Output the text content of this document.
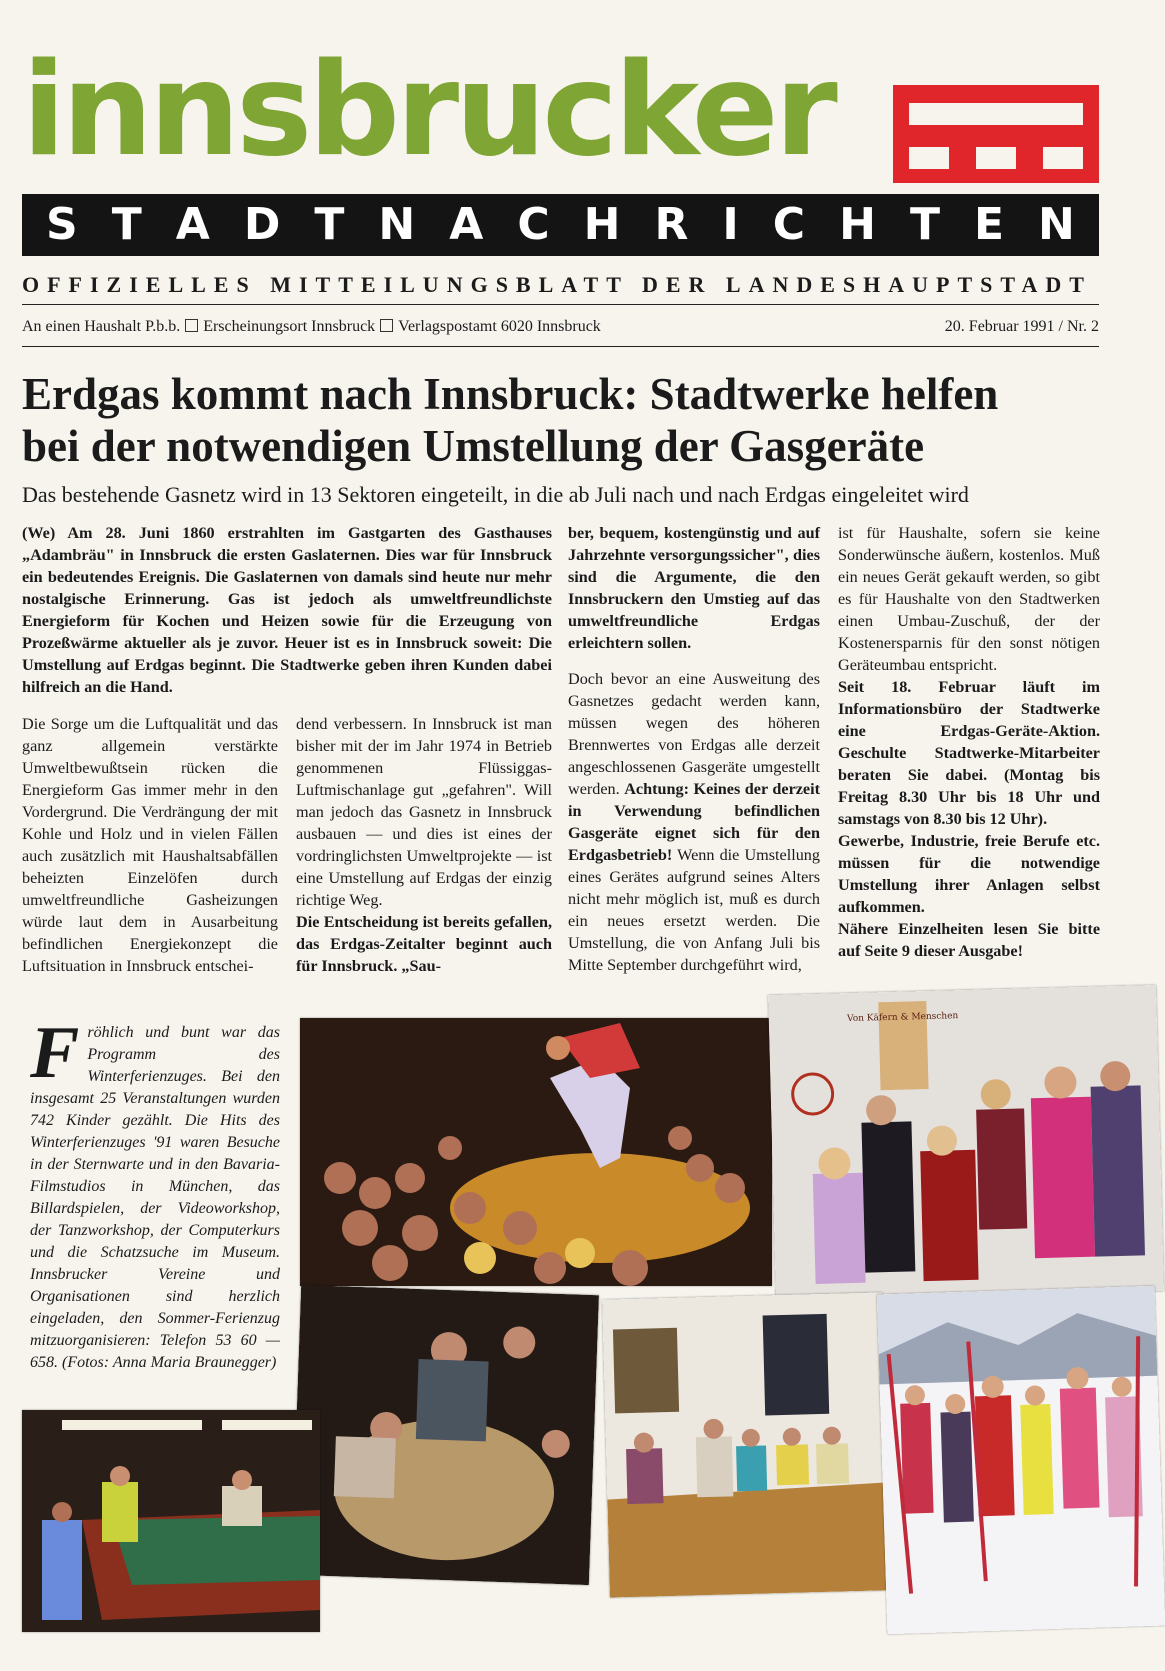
innsbrucker
S T A D T N A C H R I C H T E N
OFFIZIELLES MITTEILUNGSBLATT DER LANDESHAUPTSTADT
An einen Haushalt P.b.b. Erscheinungsort Innsbruck Verlagspostamt 6020 Innsbruck	20. Februar 1991 / Nr. 2
Erdgas kommt nach Innsbruck: Stadtwerke helfen
bei der notwendigen Umstellung der Gasgeräte
Das bestehende Gasnetz wird in 13 Sektoren eingeteilt, in die ab Juli nach und nach Erdgas eingeleitet wird
(We) Am 28. Juni 1860 erstrahlten im Gastgarten des Gasthauses „Adambräu" in Innsbruck die ersten Gaslaternen. Dies war für Innsbruck ein bedeutendes Ereignis. Die Gaslaternen von damals sind heute nur mehr nostalgische Erinnerung. Gas ist jedoch als umweltfreundlichste Energieform für Kochen und Heizen sowie für die Erzeugung von Prozeßwärme aktueller als je zuvor. Heuer ist es in Innsbruck soweit: Die Umstellung auf Erdgas beginnt. Die Stadtwerke geben ihren Kunden dabei hilfreich an die Hand.
Die Sorge um die Luftqualität und das ganz allgemein verstärkte Umweltbewußtsein rücken die Energieform Gas immer mehr in den Vordergrund. Die Verdrängung der mit Kohle und Holz und in vielen Fällen auch zusätzlich mit Haushaltsabfällen beheizten Einzelöfen durch umweltfreundliche Gasheizungen würde laut dem in Ausarbeitung befindlichen Energiekonzept die Luftsituation in Innsbruck entschei-

dend verbessern. In Innsbruck ist man bisher mit der im Jahr 1974 in Betrieb genommenen Flüssiggas-Luftmischanlage gut „gefahren". Will man jedoch das Gasnetz in Innsbruck ausbauen — und dies ist eines der vordringlichsten Umweltprojekte — ist eine Umstellung auf Erdgas der einzig richtige Weg.

Die Entscheidung ist bereits gefallen, das Erdgas-Zeitalter beginnt auch für Innsbruck. „Sau-

ber, bequem, kostengünstig und auf Jahrzehnte versorgungssicher", dies sind die Argumente, die den Innsbruckern den Umstieg auf das umweltfreundliche Erdgas erleichtern sollen.

Doch bevor an eine Ausweitung des Gasnetzes gedacht werden kann, müssen wegen des höheren Brennwertes von Erdgas alle derzeit angeschlossenen Gasgeräte umgestellt werden. Achtung: Keines der derzeit in Verwendung befindlichen Gasgeräte eignet sich für den Erdgasbetrieb! Wenn die Umstellung eines Gerätes aufgrund seines Alters nicht mehr möglich ist, muß es durch ein neues ersetzt werden. Die Umstellung, die von Anfang Juli bis Mitte September durchgeführt wird,

ist für Haushalte, sofern sie keine Sonderwünsche äußern, kostenlos. Muß ein neues Gerät gekauft werden, so gibt es für Haushalte von den Stadtwerken einen Umbau-Zuschuß, der der Kostenersparnis für den sonst nötigen Geräteumbau entspricht.

Seit 18. Februar läuft im Informationsbüro der Stadtwerke eine Erdgas-Geräte-Aktion. Geschulte Stadtwerke-Mitarbeiter beraten Sie dabei. (Montag bis Freitag 8.30 Uhr bis 18 Uhr und samstags von 8.30 bis 12 Uhr).

Gewerbe, Industrie, freie Berufe etc. müssen für die notwendige Umstellung ihrer Anlagen selbst aufkommen.

Nähere Einzelheiten lesen Sie bitte auf Seite 9 dieser Ausgabe!

Fröhlich und bunt war das Programm des Winterferienzuges. Bei den insgesamt 25 Veranstaltungen wurden 742 Kinder gezählt. Die Hits des Winterferienzuges '91 waren Besuche in der Sternwarte und in den Bavaria-Filmstudios in München, das Billardspielen, der Videoworkshop, der Tanzworkshop, der Computerkurs und die Schatzsuche im Museum. Innsbrucker Vereine und Organisationen sind herzlich eingeladen, den Sommer-Ferienzug mitzuorganisieren: Telefon 53 60 — 658. (Fotos: Anna Maria Braunegger)
Von Käfern & Menschen
